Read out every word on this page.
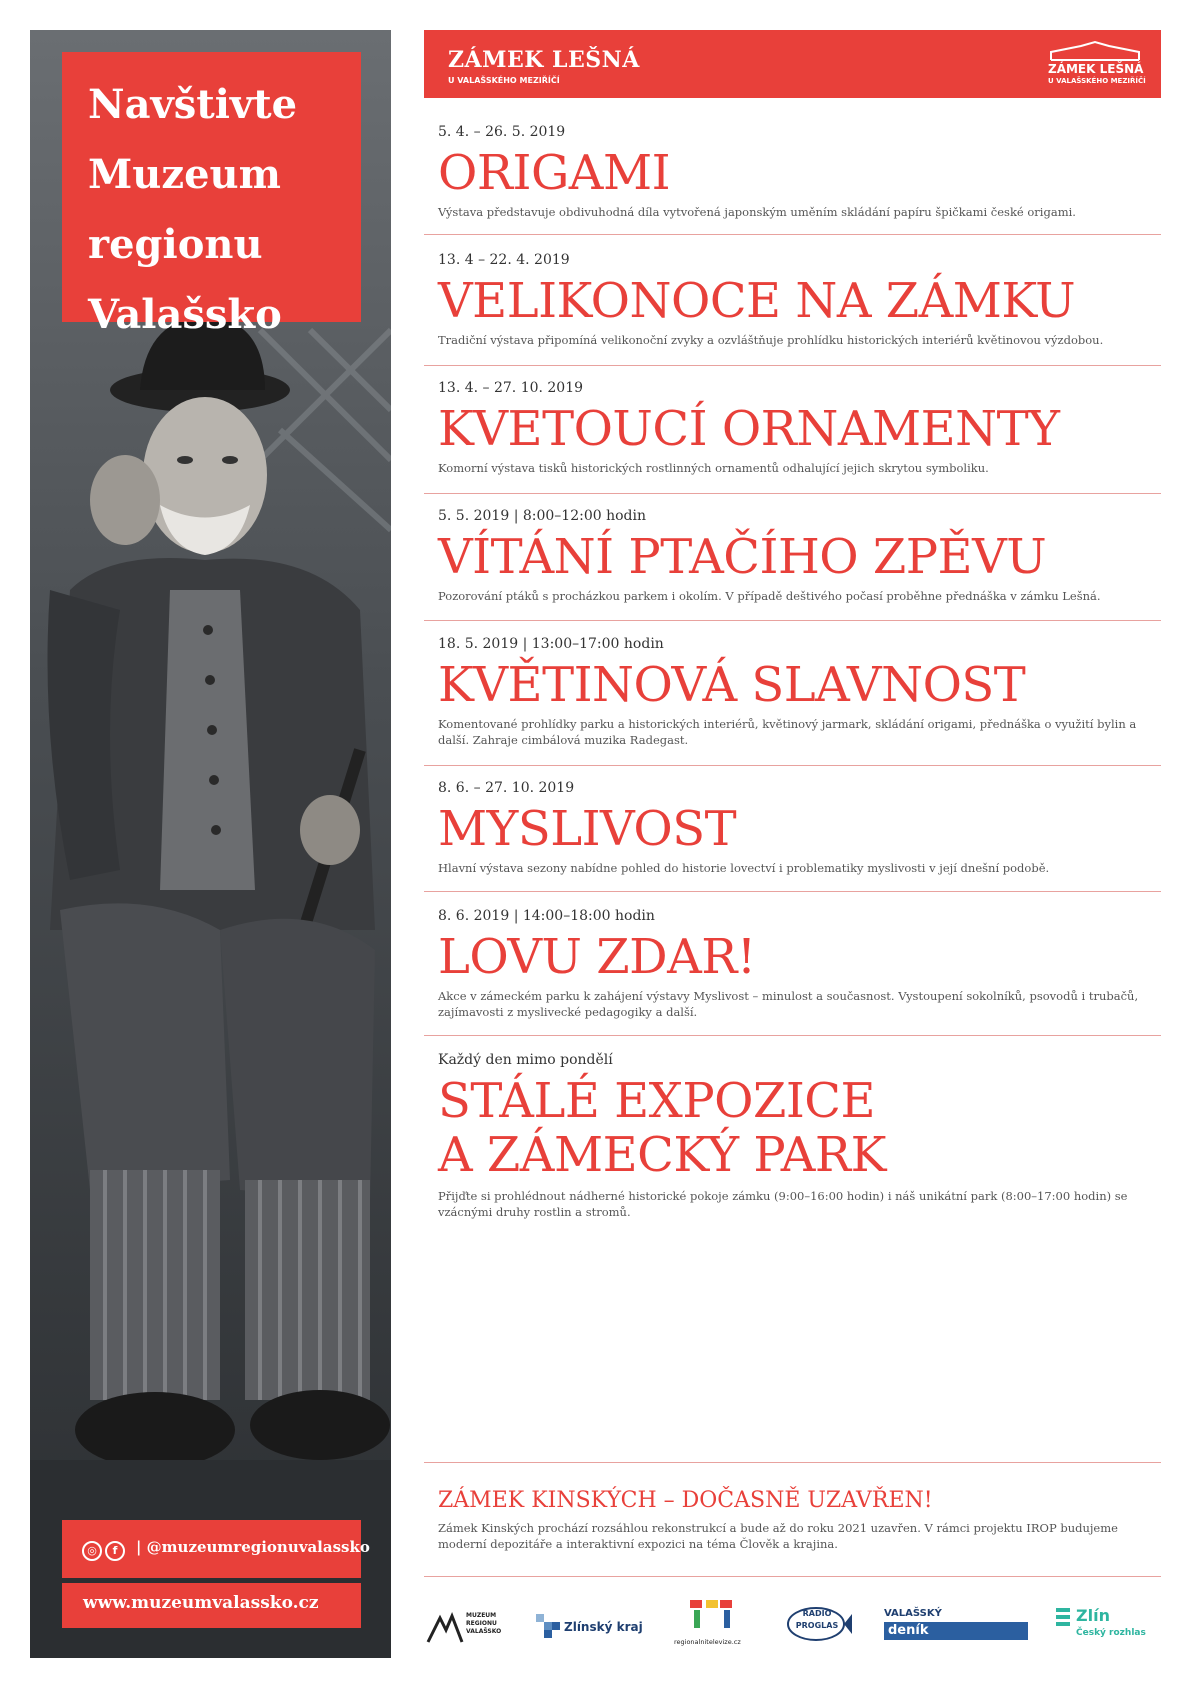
Navštivte
Muzeum
regionu
Valašsko
◎ f	| @muzeumregionuvalassko
www.muzeumvalassko.cz
ZÁMEK LEŠNÁ
U VALAŠSKÉHO MEZIŘÍČÍ
ZÁMEK LEŠNÁ
U VALAŠSKÉHO MEZIŘÍČÍ
5. 4. – 26. 5. 2019
ORIGAMI
Výstava představuje obdivuhodná díla vytvořená japonským uměním skládání papíru špičkami české origami.
13. 4 – 22. 4. 2019
VELIKONOCE NA ZÁMKU
Tradiční výstava připomíná velikonoční zvyky a ozvláštňuje prohlídku historických interiérů květinovou výzdobou.
13. 4. – 27. 10. 2019
KVETOUCÍ ORNAMENTY
Komorní výstava tisků historických rostlinných ornamentů odhalující jejich skrytou symboliku.
5. 5. 2019 | 8:00–12:00 hodin
VÍTÁNÍ PTAČÍHO ZPĚVU
Pozorování ptáků s procházkou parkem i okolím. V případě deštivého počasí proběhne přednáška v zámku Lešná.
18. 5. 2019 | 13:00–17:00 hodin
KVĚTINOVÁ SLAVNOST
Komentované prohlídky parku a historických interiérů, květinový jarmark, skládání origami, přednáška o využití bylin a další. Zahraje cimbálová muzika Radegast.
8. 6. – 27. 10. 2019
MYSLIVOST
Hlavní výstava sezony nabídne pohled do historie lovectví i problematiky myslivosti v její dnešní podobě.
8. 6. 2019 | 14:00–18:00 hodin
LOVU ZDAR!
Akce v zámeckém parku k zahájení výstavy Myslivost – minulost a současnost. Vystoupení sokolníků, psovodů i trubačů, zajímavosti z myslivecké pedagogiky a další.
Každý den mimo pondělí
STÁLÉ EXPOZICE
A ZÁMECKÝ PARK
Přijďte si prohlédnout nádherné historické pokoje zámku (9:00–16:00 hodin) i náš unikátní park (8:00–17:00 hodin) se vzácnými druhy rostlin a stromů.
ZÁMEK KINSKÝCH – DOČASNĚ UZAVŘEN!
Zámek Kinských prochází rozsáhlou rekonstrukcí a bude až do roku 2021 uzavřen. V rámci projektu IROP budujeme moderní depozitáře a interaktivní expozici na téma Člověk a krajina.
MUZEUM REGIONU VALAŠSKO	Zlínský kraj
regionalnitelevize.cz
RADIO PROGLAS
VALAŠSKÝ
deník
Zlín
Český rozhlas
